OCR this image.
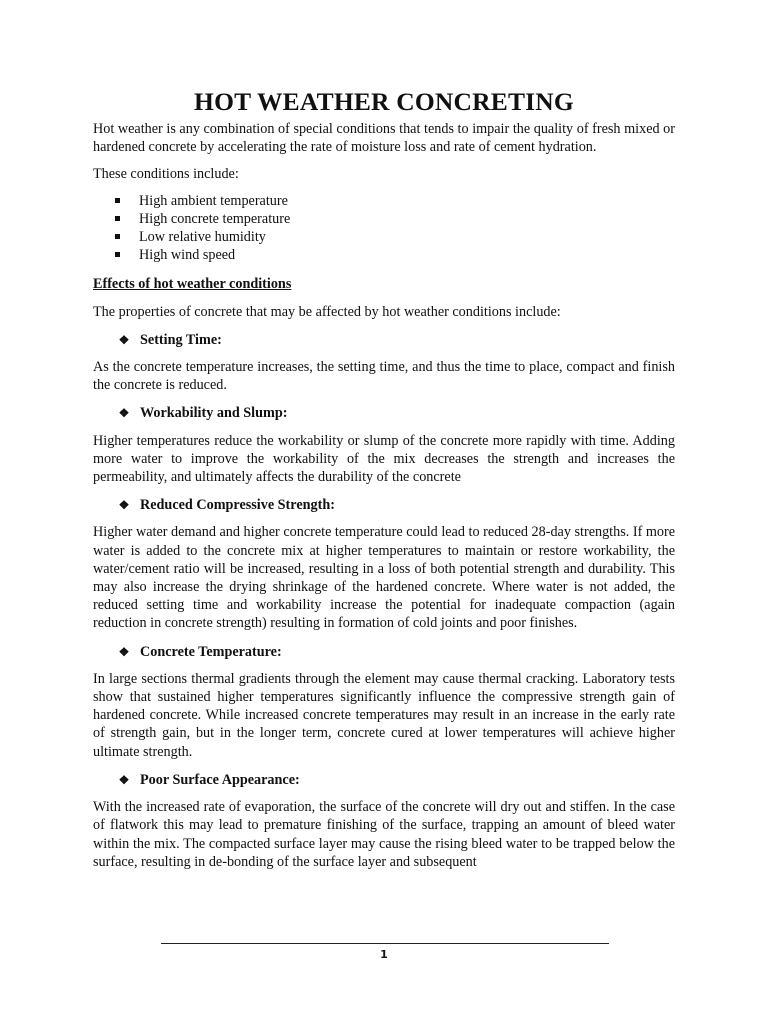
HOT WEATHER CONCRETING

Hot weather is any combination of special conditions that tends to impair the quality of fresh mixed or hardened concrete by accelerating the rate of moisture loss and rate of cement hydration.

These conditions include:

High ambient temperature
High concrete temperature
Low relative humidity
High wind speed
Effects of hot weather conditions

The properties of concrete that may be affected by hot weather conditions include:

❖ Setting Time:

As the concrete temperature increases, the setting time, and thus the time to place, compact and finish the concrete is reduced.

❖ Workability and Slump:

Higher temperatures reduce the workability or slump of the concrete more rapidly with time. Adding more water to improve the workability of the mix decreases the strength and increases the permeability, and ultimately affects the durability of the concrete

❖ Reduced Compressive Strength:

Higher water demand and higher concrete temperature could lead to reduced 28-day strengths. If more water is added to the concrete mix at higher temperatures to maintain or restore workability, the water/cement ratio will be increased, resulting in a loss of both potential strength and durability. This may also increase the drying shrinkage of the hardened concrete. Where water is not added, the reduced setting time and workability increase the potential for inadequate compaction (again reduction in concrete strength) resulting in formation of cold joints and poor finishes.

❖ Concrete Temperature:

In large sections thermal gradients through the element may cause thermal cracking. Laboratory tests show that sustained higher temperatures significantly influence the compressive strength gain of hardened concrete. While increased concrete temperatures may result in an increase in the early rate of strength gain, but in the longer term, concrete cured at lower temperatures will achieve higher ultimate strength.

❖ Poor Surface Appearance:

With the increased rate of evaporation, the surface of the concrete will dry out and stiffen. In the case of flatwork this may lead to premature finishing of the surface, trapping an amount of bleed water within the mix. The compacted surface layer may cause the rising bleed water to be trapped below the surface, resulting in de-bonding of the surface layer and subsequent

1
